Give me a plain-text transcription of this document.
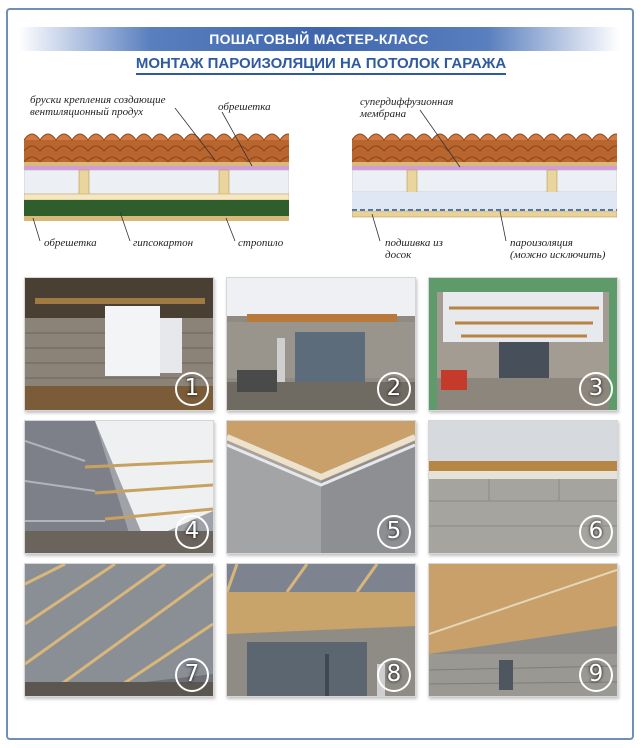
ПОШАГОВЫЙ МАСТЕР-КЛАСС
МОНТАЖ ПАРОИЗОЛЯЦИИ НА ПОТОЛОК ГАРАЖА
бруски крепления создающие
вентиляционный продух	обрешетка
обрешетка	гипсокартон	стропило
супердиффузионная
мембрана
подшивка из
досок
пароизоляция
(можно исключить)
1	2	3
4	5	6
7	8	9
